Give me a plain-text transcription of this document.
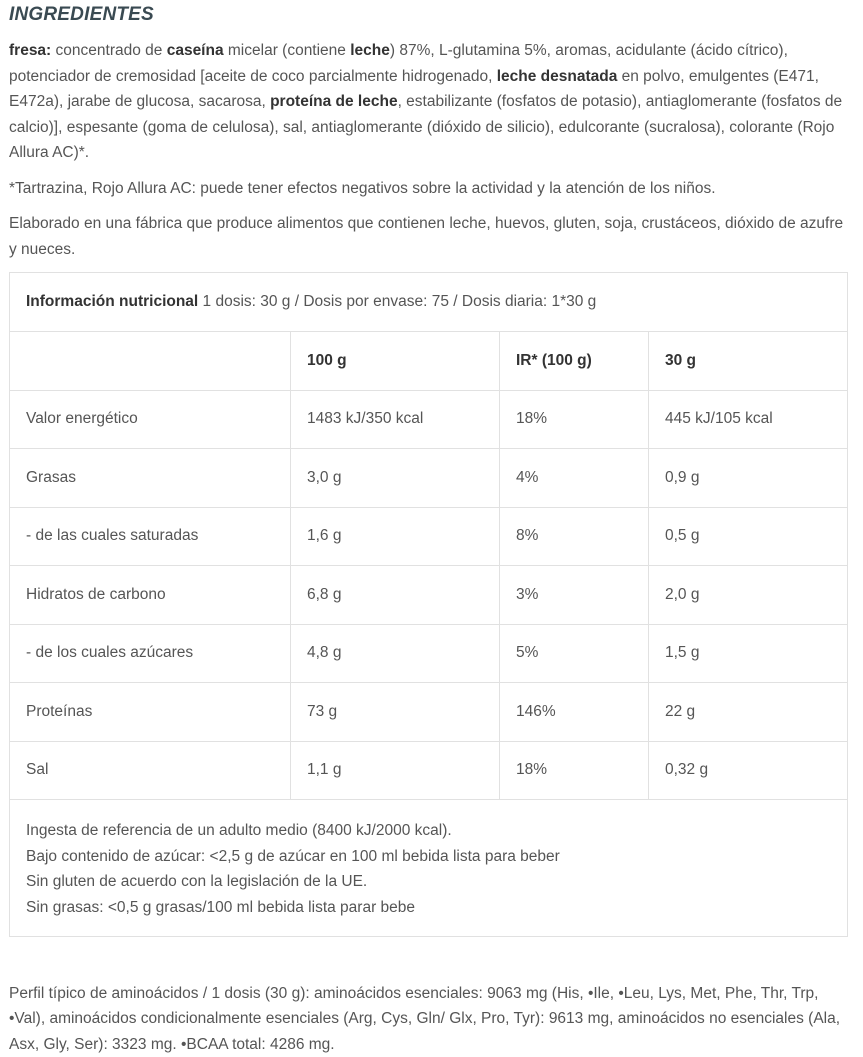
INGREDIENTES

fresa: concentrado de caseína micelar (contiene leche) 87%, L-glutamina 5%, aromas, acidulante (ácido cítrico), potenciador de cremosidad [aceite de coco parcialmente hidrogenado, leche desnatada en polvo, emulgentes (E471, E472a), jarabe de glucosa, sacarosa, proteína de leche, estabilizante (fosfatos de potasio), antiaglomerante (fosfatos de calcio)], espesante (goma de celulosa), sal, antiaglomerante (dióxido de silicio), edulcorante (sucralosa), colorante (Rojo Allura AC)*.

*Tartrazina, Rojo Allura AC: puede tener efectos negativos sobre la actividad y la atención de los niños.

Elaborado en una fábrica que produce alimentos que contienen leche, huevos, gluten, soja, crustáceos, dióxido de azufre y nueces.

Información nutricional 1 dosis: 30 g / Dosis por envase: 75 / Dosis diaria: 1*30 g			
	100 g	IR* (100 g)	30 g
Valor energético	1483 kJ/350 kcal	18%	445 kJ/105 kcal
Grasas	3,0 g	4%	0,9 g
- de las cuales saturadas	1,6 g	8%	0,5 g
Hidratos de carbono	6,8 g	3%	2,0 g
- de los cuales azúcares	4,8 g	5%	1,5 g
Proteínas	73 g	146%	22 g
Sal	1,1 g	18%	0,32 g

Ingesta de referencia de un adulto medio (8400 kJ/2000 kcal).
Bajo contenido de azúcar: <2,5 g de azúcar en 100 ml bebida lista para beber
Sin gluten de acuerdo con la legislación de la UE.
Sin grasas: <0,5 g grasas/100 ml bebida lista parar bebe			

Perfil típico de aminoácidos / 1 dosis (30 g): aminoácidos esenciales: 9063 mg (His, •Ile, •Leu, Lys, Met, Phe, Thr, Trp, •Val), aminoácidos condicionalmente esenciales (Arg, Cys, Gln/ Glx, Pro, Tyr): 9613 mg, aminoácidos no esenciales (Ala, Asx, Gly, Ser): 3323 mg. •BCAA total: 4286 mg.
